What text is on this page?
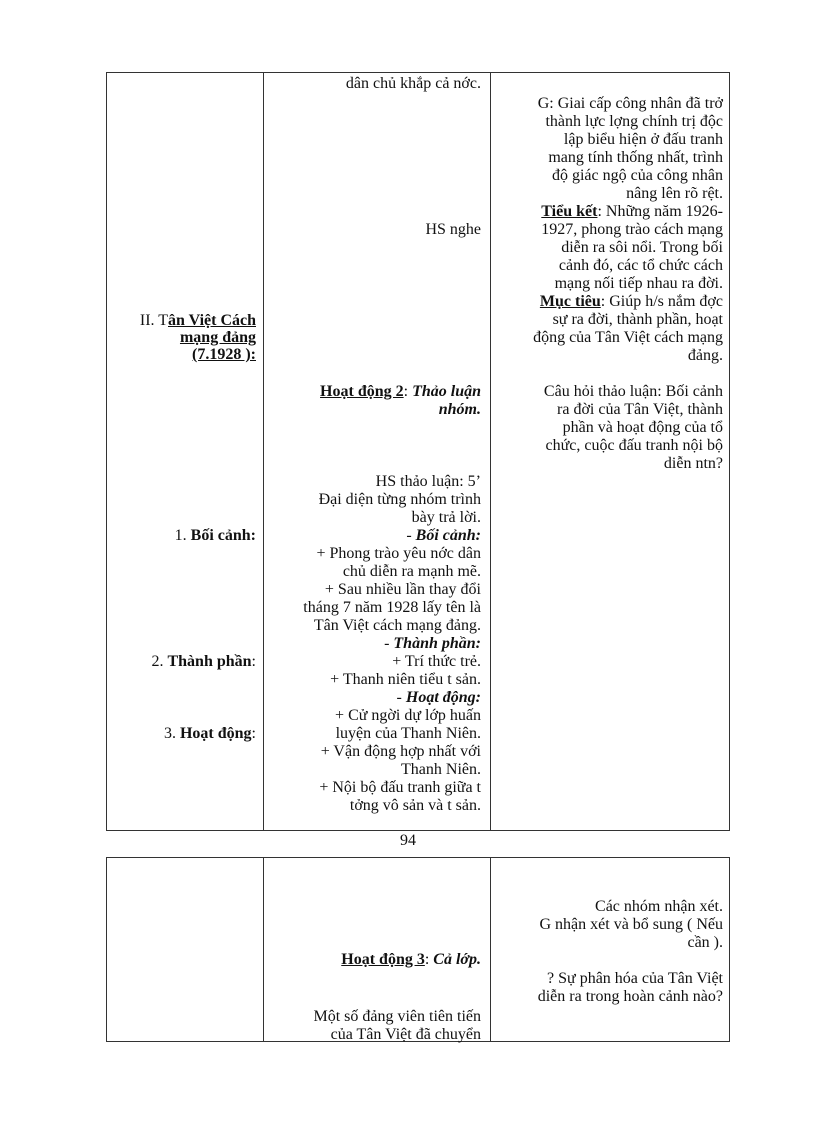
II. Tân Việt Cách
mạng đảng
(7.1928 ):
1. Bối cảnh:
2. Thành phần:
3. Hoạt động:
dân chủ khắp cả nớc.
HS nghe
Hoạt động 2: Thảo luận
nhóm.
HS thảo luận: 5’
Đại diện từng nhóm trình
bày trả lời.
- Bối cảnh:
+ Phong trào yêu nớc dân
chủ diễn ra mạnh mẽ.
+ Sau nhiều lần thay đổi
tháng 7 năm 1928 lấy tên là
Tân Việt cách mạng đảng.
- Thành phần:
+ Trí thức trẻ.
+ Thanh niên tiểu t sản.
- Hoạt động:
+ Cử ngời dự lớp huấn
luyện của Thanh Niên.
+ Vận động hợp nhất với
Thanh Niên.
+ Nội bộ đấu tranh giữa t
tởng vô sản và t sản.
G: Giai cấp công nhân đã trở
thành lực lợng chính trị độc
lập biểu hiện ở đấu tranh
mang tính thống nhất, trình
độ giác ngộ của công nhân
nâng lên rõ rệt.
Tiểu kết: Những năm 1926-
1927, phong trào cách mạng
diễn ra sôi nổi. Trong bối
cảnh đó, các tổ chức cách
mạng nối tiếp nhau ra đời.
Mục tiêu: Giúp h/s nắm đợc
sự ra đời, thành phần, hoạt
động của Tân Việt cách mạng
đảng.
Câu hỏi thảo luận: Bối cảnh
ra đời của Tân Việt, thành
phần và hoạt động của tổ
chức, cuộc đấu tranh nội bộ
diễn ntn?
94
Hoạt động 3: Cả lớp.
Một số đảng viên tiên tiến
của Tân Việt đã chuyển
Các nhóm nhận xét.
G nhận xét và bổ sung ( Nếu
cần ).
? Sự phân hóa của Tân Việt
diễn ra trong hoàn cảnh nào?
